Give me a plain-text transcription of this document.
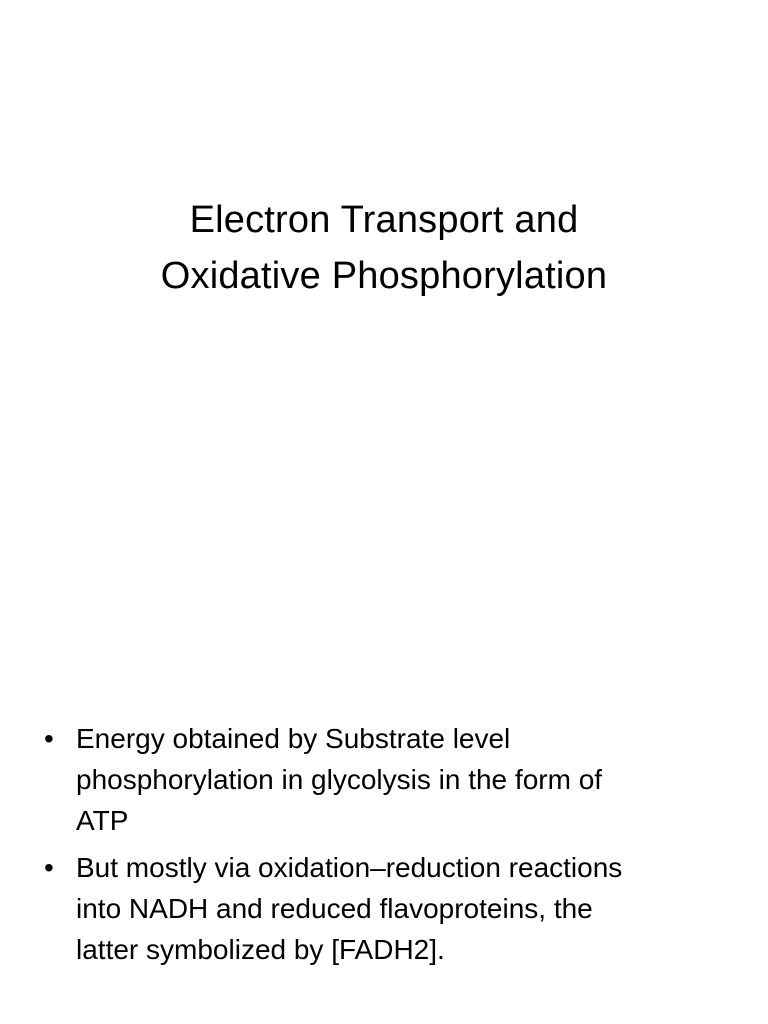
Electron Transport and
Oxidative Phosphorylation
• Energy obtained by Substrate level
phosphorylation in glycolysis in the form of
ATP
• But mostly via oxidation–reduction reactions
into NADH and reduced flavoproteins, the
latter symbolized by [FADH2].
